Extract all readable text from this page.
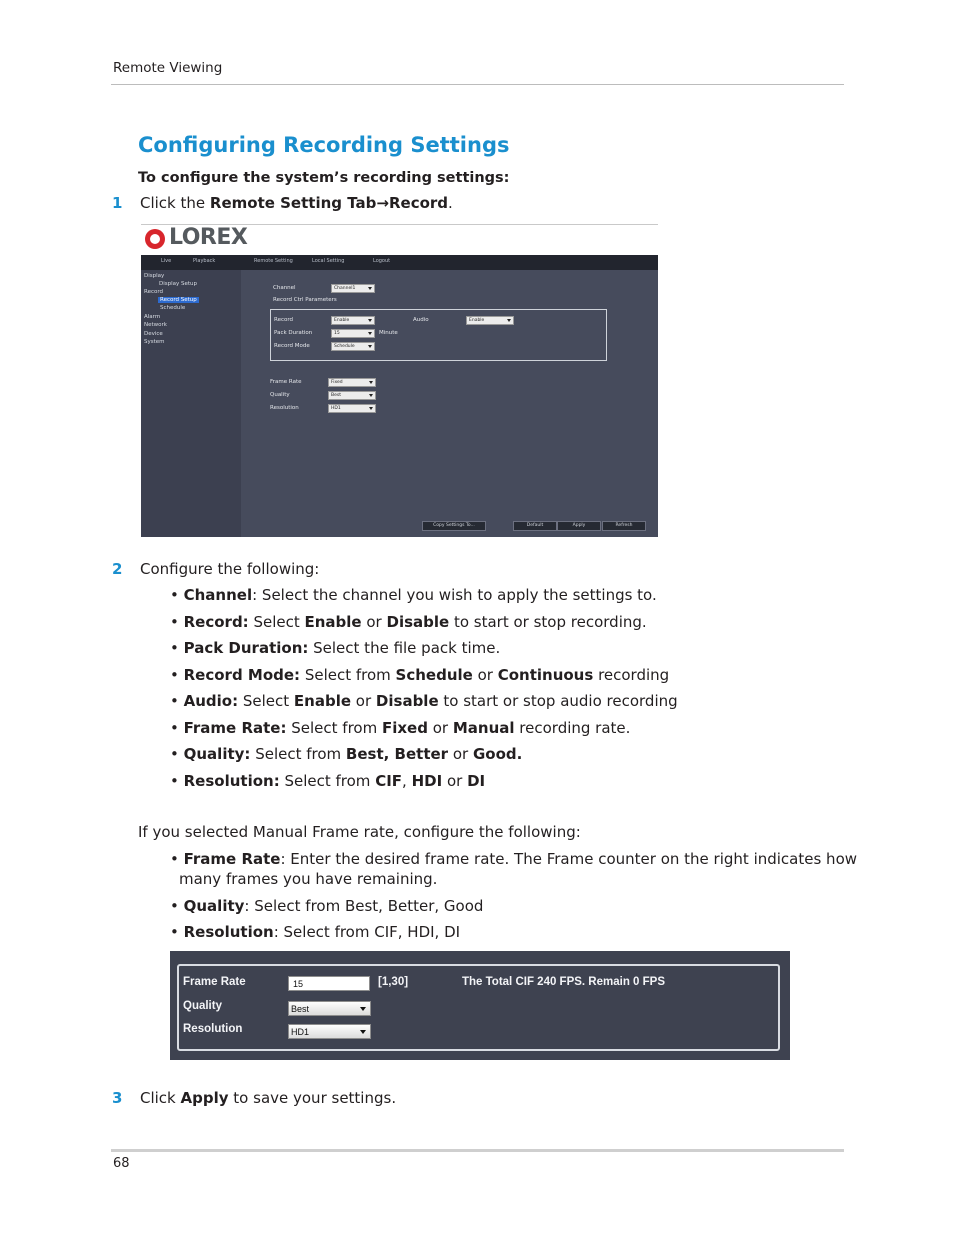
Remote Viewing
Configuring Recording Settings
To configure the system’s recording settings:
1 Click the Remote Setting Tab→Record.
LOREX
Live	Playback	Remote Setting	Local Setting	Logout
Display
Display Setup
Record
Record Setup
Schedule
Alarm
Network
Device
System
Channel	Channel1
Record Ctrl Parameters
Record	Enable	Audio	Enable
Pack Duration	15	Minute
Record Mode	Schedule
Frame Rate	Fixed
Quality	Best
Resolution	HD1
Copy Settings To...	Default	Apply	Refresh
2 Configure the following:
• Channel: Select the channel you wish to apply the settings to.
• Record: Select Enable or Disable to start or stop recording.
• Pack Duration: Select the file pack time.
• Record Mode: Select from Schedule or Continuous recording
• Audio: Select Enable or Disable to start or stop audio recording
• Frame Rate: Select from Fixed or Manual recording rate.
• Quality: Select from Best, Better or Good.
• Resolution: Select from CIF, HDI or DI
If you selected Manual Frame rate, configure the following:
• Frame Rate: Enter the desired frame rate. The Frame counter on the right indicates how
many frames you have remaining.
• Quality: Select from Best, Better, Good
• Resolution: Select from CIF, HDI, DI
Frame Rate	15	[1,30]	The Total CIF 240 FPS. Remain 0 FPS
Quality	Best
Resolution	HD1
3 Click Apply to save your settings.
68
